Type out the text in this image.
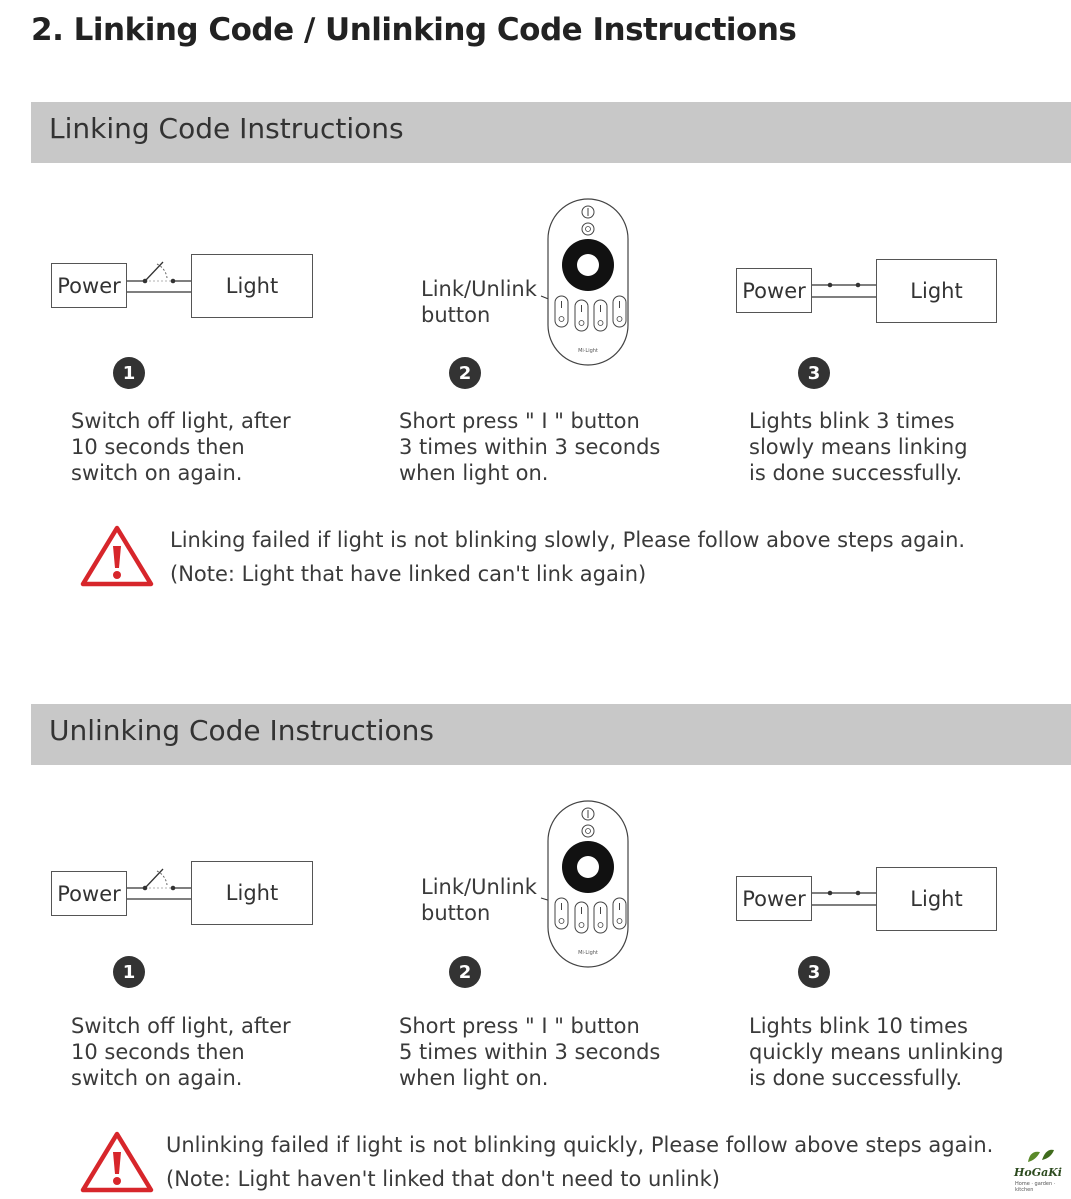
2. Linking Code / Unlinking Code Instructions
Linking Code Instructions
Power	Light	Link/Unlink
button
Mi·Light
Power	Light
1	2	3
Switch off light, after
10 seconds then
switch on again.
Short press " I " button
3 times within 3 seconds
when light on.
Lights blink 3 times
slowly means linking
is done successfully.
Linking failed if light is not blinking slowly, Please follow above steps again.
(Note: Light that have linked can't link again)
Unlinking Code Instructions
Power	Light	Link/Unlink
button
Mi·Light
Power	Light
1	2	3
Switch off light, after
10 seconds then
switch on again.
Short press " I " button
5 times within 3 seconds
when light on.
Lights blink 10 times
quickly means unlinking
is done successfully.
Unlinking failed if light is not blinking quickly, Please follow above steps again.
(Note: Light haven't linked that don't need to unlink)	HoGaKi
Home · garden · kitchen
